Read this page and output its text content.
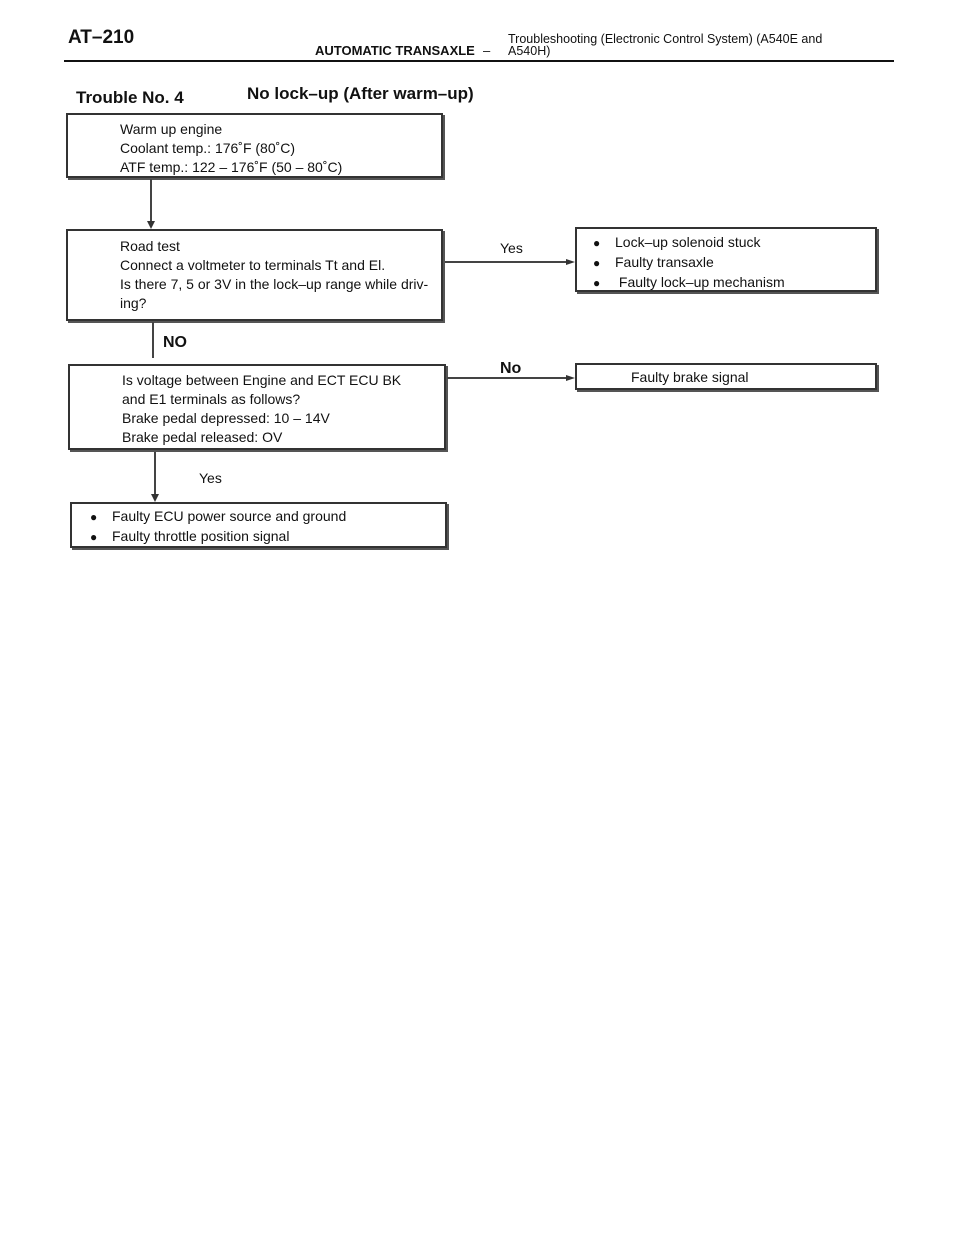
AT–210
AUTOMATIC TRANSAXLE –
Troubleshooting (Electronic Control System) (A540E and A540H)
Trouble No. 4	No lock–up (After warm–up)
Warm up engine
Coolant temp.: 176˚F (80˚C)
ATF temp.: 122 – 176˚F (50 – 80˚C)
Road test
Connect a voltmeter to terminals Tt and El.
Is there 7, 5 or 3V in the lock–up range while driv-
ing?
Yes	● Lock–up solenoid stuck
● Faulty transaxle
● Faulty lock–up mechanism
NO
Is voltage between Engine and ECT ECU BK
and E1 terminals as follows?
Brake pedal depressed: 10 – 14V
Brake pedal released: OV
No	Faulty brake signal
Yes
● Faulty ECU power source and ground
● Faulty throttle position signal
